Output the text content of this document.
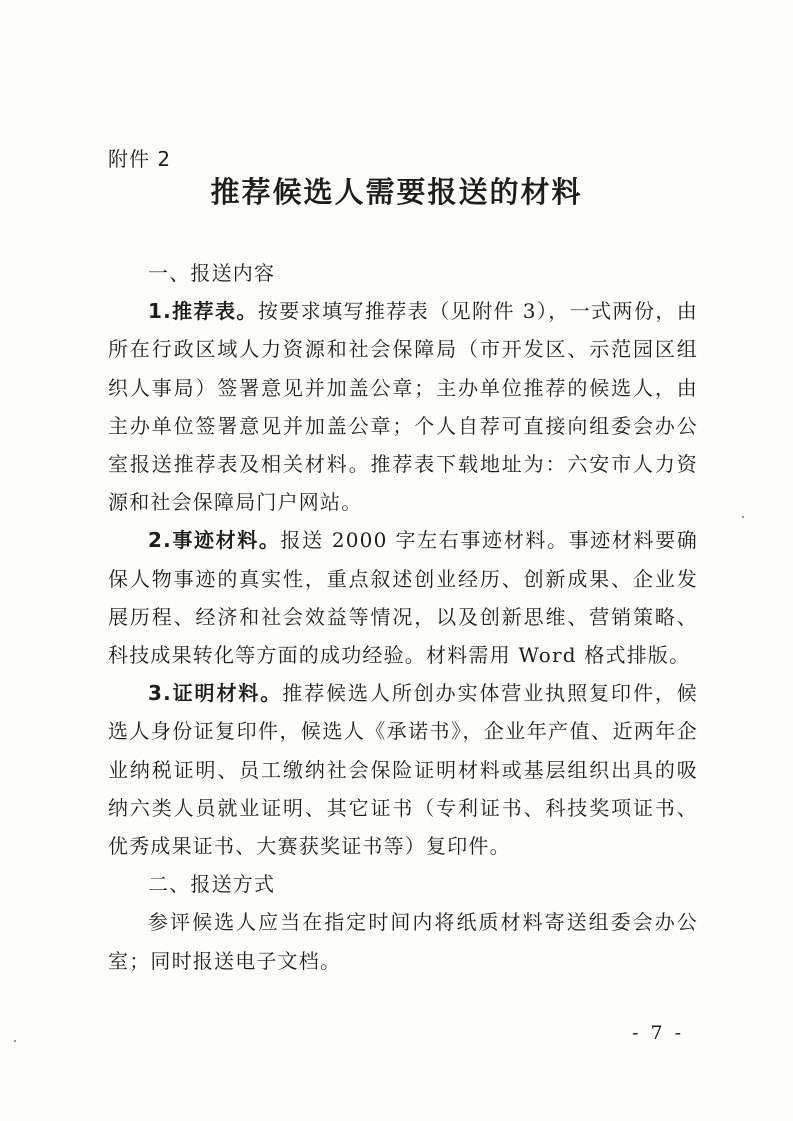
附件 2
推荐候选人需要报送的材料

一、报送内容

1.推荐表。按要求填写推荐表（见附件 3），一式两份，由所在行政区域人力资源和社会保障局（市开发区、示范园区组织人事局）签署意见并加盖公章；主办单位推荐的候选人，由主办单位签署意见并加盖公章；个人自荐可直接向组委会办公室报送推荐表及相关材料。推荐表下载地址为：六安市人力资源和社会保障局门户网站。

2.事迹材料。报送 2000 字左右事迹材料。事迹材料要确保人物事迹的真实性，重点叙述创业经历、创新成果、企业发展历程、经济和社会效益等情况，以及创新思维、营销策略、科技成果转化等方面的成功经验。材料需用 Word 格式排版。

3.证明材料。推荐候选人所创办实体营业执照复印件，候选人身份证复印件，候选人《承诺书》，企业年产值、近两年企业纳税证明、员工缴纳社会保险证明材料或基层组织出具的吸纳六类人员就业证明、其它证书（专利证书、科技奖项证书、优秀成果证书、大赛获奖证书等）复印件。

二、报送方式

参评候选人应当在指定时间内将纸质材料寄送组委会办公室；同时报送电子文档。

- 7 -
